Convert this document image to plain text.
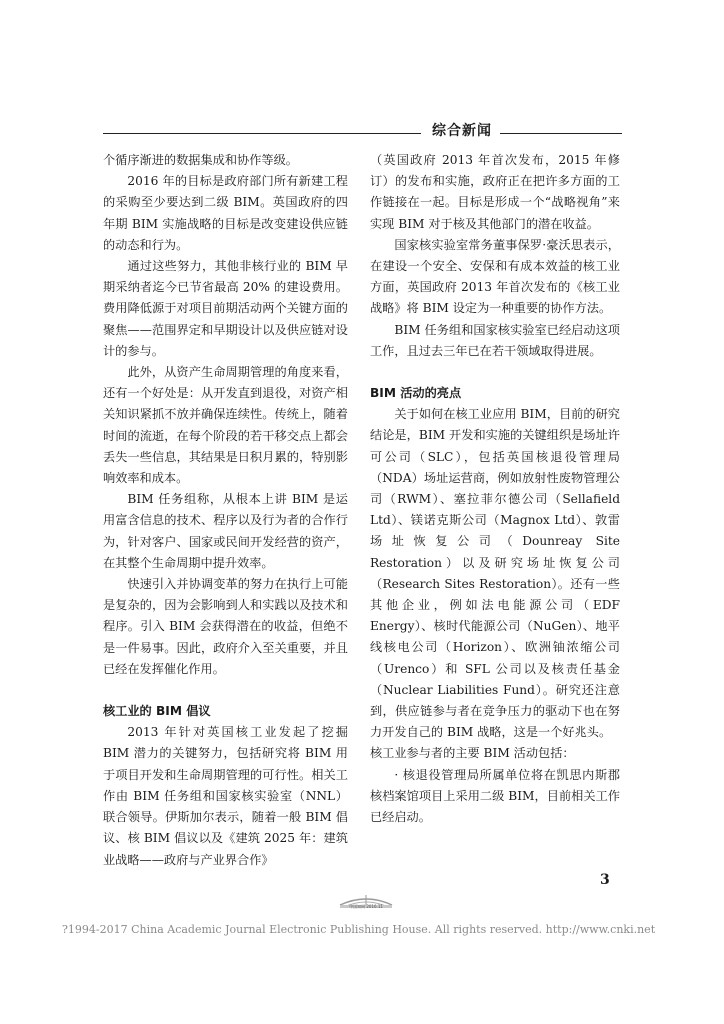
综合新闻

个循序渐进的数据集成和协作等级。

2016 年的目标是政府部门所有新建工程的采购至少要达到二级 BIM。英国政府的四年期 BIM 实施战略的目标是改变建设供应链的动态和行为。

通过这些努力，其他非核行业的 BIM 早期采纳者迄今已节省最高 20% 的建设费用。费用降低源于对项目前期活动两个关键方面的聚焦——范围界定和早期设计以及供应链对设计的参与。

此外，从资产生命周期管理的角度来看，还有一个好处是：从开发直到退役，对资产相关知识紧抓不放并确保连续性。传统上，随着时间的流逝，在每个阶段的若干移交点上都会丢失一些信息，其结果是日积月累的，特别影响效率和成本。

BIM 任务组称，从根本上讲 BIM 是运用富含信息的技术、程序以及行为者的合作行为，针对客户、国家或民间开发经营的资产，在其整个生命周期中提升效率。

快速引入并协调变革的努力在执行上可能是复杂的，因为会影响到人和实践以及技术和程序。引入 BIM 会获得潜在的收益，但绝不是一件易事。因此，政府介入至关重要，并且已经在发挥催化作用。

核工业的 BIM 倡议

2013 年针对英国核工业发起了挖掘 BIM 潜力的关键努力，包括研究将 BIM 用于项目开发和生命周期管理的可行性。相关工作由 BIM 任务组和国家核实验室（NNL）联合领导。伊斯加尔表示，随着一般 BIM 倡议、核 BIM 倡议以及《建筑 2025 年：建筑业战略——政府与产业界合作》

（英国政府 2013 年首次发布，2015 年修订）的发布和实施，政府正在把许多方面的工作链接在一起。目标是形成一个“战略视角”来实现 BIM 对于核及其他部门的潜在收益。

国家核实验室常务董事保罗·豪沃思表示，在建设一个安全、安保和有成本效益的核工业方面，英国政府 2013 年首次发布的《核工业战略》将 BIM 设定为一种重要的协作方法。

BIM 任务组和国家核实验室已经启动这项工作，且过去三年已在若干领域取得进展。

BIM 活动的亮点

关于如何在核工业应用 BIM，目前的研究结论是，BIM 开发和实施的关键组织是场址许可公司（SLC），包括英国核退役管理局（NDA）场址运营商，例如放射性废物管理公司（RWM）、塞拉菲尔德公司（Sellafield Ltd）、镁诺克斯公司（Magnox Ltd）、敦雷场址恢复公司（Dounreay Site Restoration）以及研究场址恢复公司（Research Sites Restoration）。还有一些其他企业，例如法电能源公司（EDF Energy）、核时代能源公司（NuGen）、地平线核电公司（Horizon）、欧洲铀浓缩公司（Urenco）和 SFL 公司以及核责任基金（Nuclear Liabilities Fund）。研究还注意到，供应链参与者在竞争压力的驱动下也在努力开发自己的 BIM 战略，这是一个好兆头。

核工业参与者的主要 BIM 活动包括：

· 核退役管理局所属单位将在凯思内斯郡核档案馆项目上采用二级 BIM，目前相关工作已经启动。

3
中国知网 2016.11
?1994-2017 China Academic Journal Electronic Publishing House. All rights reserved. http://www.cnki.net
